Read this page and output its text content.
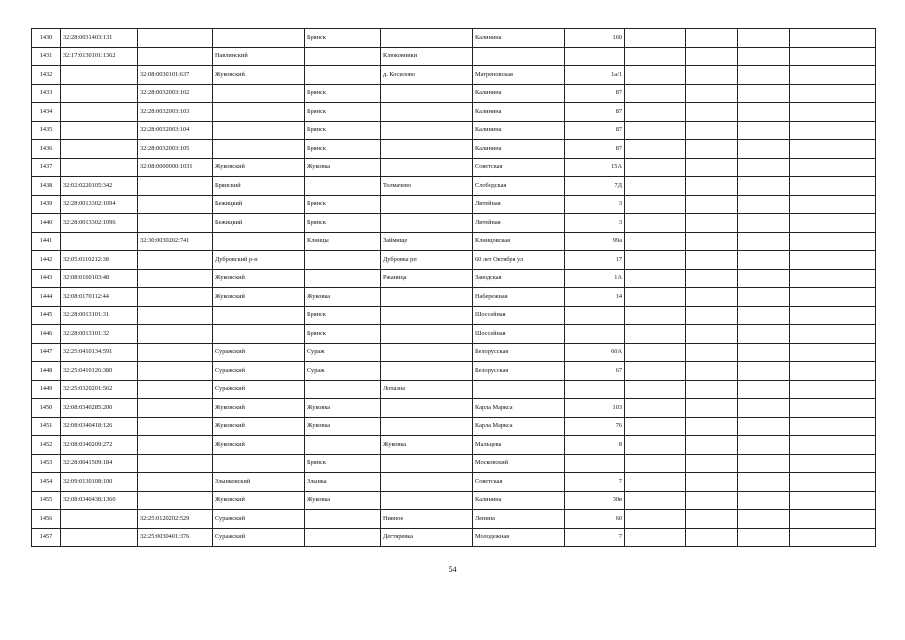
1430	32:28:0031403:131			Брянск		Калинина	160				
1431	32:17:0130101:1362		Навлинский		Клюковники						
1432		32:08:0030101:637	Жуковский		д. Косилово	Матреновская	1а/1				
1433		32:28:0032003:102		Брянск		Калинина	87				
1434		32:28:0032003:103		Брянск		Калинина	87				
1435		32:28:0032003:104		Брянск		Калинина	87				
1436		32:28:0032003:105		Брянск		Калинина	87				
1437		32:08:0000000:1031	Жуковский	Жуковка		Советская	15А				
1438	32:02:0220105:342		Брянский		Толмачево	Слободская	7Д				
1439	32:28:0013302:1094		Бежицкий	Брянск		Литейная	3				
1440	32:28:0013302:1096		Бежицкий	Брянск		Литейная	3				
1441		32:30:0030202:741		Клинцы	Займище	Клинцовская	99а				
1442	32:05:0110212:38		Дубровский р-н		Дубровка рп	60 лет Октября ул	17				
1443	32:08:0160103:48		Жуковский		Ржаница	Заводская	1А				
1444	32:08:0170112:44		Жуковский	Жуковка		Набережная	14				
1445	32:28:0013101:31			Брянск		Шоссейная					
1446	32:28:0013101:32			Брянск		Шоссейная					
1447	32:25:0410134:591		Суражский	Сураж		Белорусская	60А				
1448	32:25:0410126:380		Суражский	Сураж		Белорусская	67				
1449	32:25:0320201:562		Суражский		Лопазна						
1450	32:08:0340285:200		Жуковский	Жуковка		Карла Маркса	103				
1451	32:08:0340418:126		Жуковский	Жуковка		Карла Маркса	76				
1452	32:08:0340209:272		Жуковский		Жуковка	Мальцева	8				
1453	32:28:0041509:184			Брянск		Московский					
1454	32:09:0130108:100		Злынковский	Злынка		Советская	7				
1455	32:08:0340438:1360		Жуковский	Жуковка		Калинина	30в				
1456		32:25:0120202:529	Суражский		Нивное	Ленина	60				
1457		32:25:0030401:376	Суражский		Дегтяревка	Молодежная	7				
54
